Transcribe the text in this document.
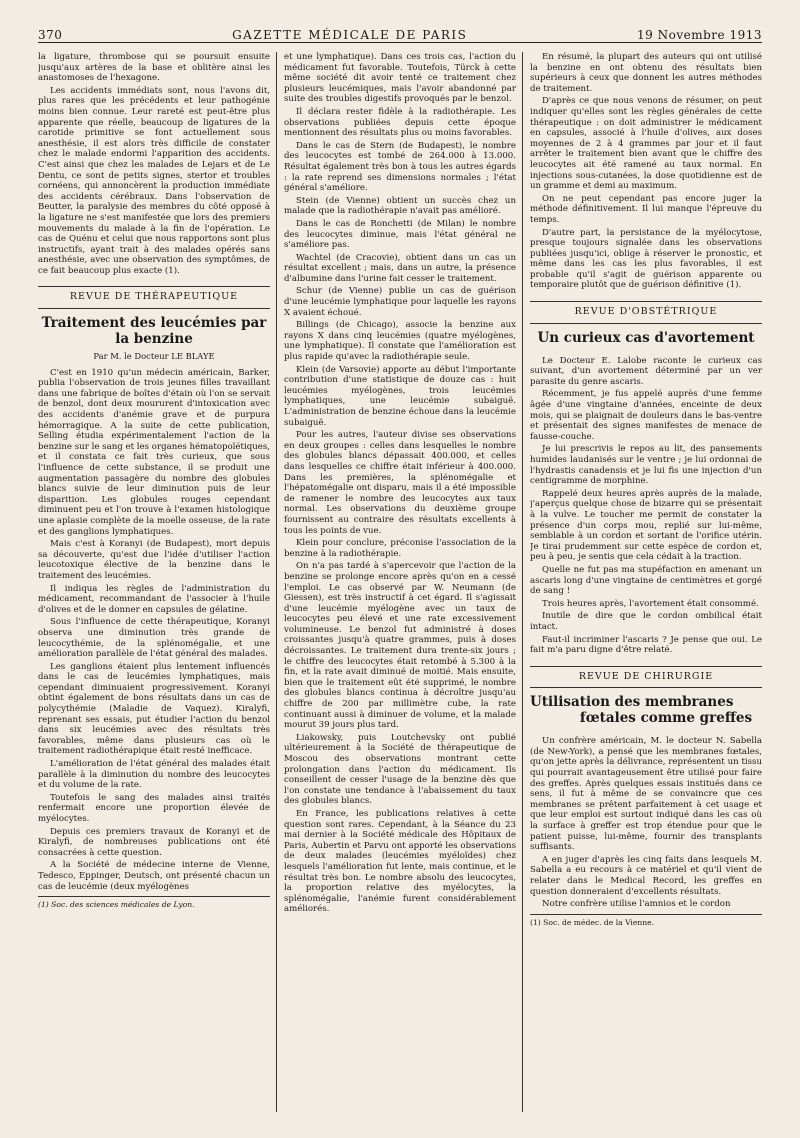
370	GAZETTE MÉDICALE DE PARIS	19 Novembre 1913

la ligature, thrombose qui se poursuit ensuite jusqu'aux artères de la base et oblitère ainsi les anastomoses de l'hexagone.

Les accidents immédiats sont, nous l'avons dit, plus rares que les précédents et leur pathogénie moins bien connue. Leur rareté est peut-être plus apparente que réelle, beaucoup de ligatures de la carotide primitive se font actuellement sous anesthésie, il est alors très difficile de constater chez le malade endormi l'apparition des accidents. C'est ainsi que chez les malades de Lejars et de Le Dentu, ce sont de petits signes, stertor et troubles cornéens, qui annoncèrent la production immédiate des accidents cérébraux. Dans l'observation de Beutter, la paralysie des membres du côté opposé à la ligature ne s'est manifestée que lors des premiers mouvements du malade à la fin de l'opération. Le cas de Quénu et celui que nous rapportons sont plus instructifs, ayant trait à des malades opérés sans anesthésie, avec une observation des symptômes, de ce fait beaucoup plus exacte (1).

REVUE DE THÉRAPEUTIQUE
Traitement des leucémies par la benzine
Par M. le Docteur LE BLAYE

C'est en 1910 qu'un médecin américain, Barker, publia l'observation de trois jeunes filles travaillant dans une fabrique de boîtes d'étain où l'on se servait de benzol, dont deux moururent d'intoxication avec des accidents d'anémie grave et de purpura hémorragique. A la suite de cette publication, Selling étudia expérimentalement l'action de la benzine sur le sang et les organes hématopoïétiques, et il constata ce fait très curieux, que sous l'influence de cette substance, il se produit une augmentation passagère du nombre des globules blancs suivie de leur diminution puis de leur disparition. Les globules rouges cependant diminuent peu et l'on trouve à l'examen histologique une aplasie complète de la moelle osseuse, de la rate et des ganglions lymphatiques.

Mais c'est à Koranyi (de Budapest), mort depuis sa découverte, qu'est due l'idée d'utiliser l'action leucotoxique élective de la benzine dans le traitement des leucémies.

Il indiqua les règles de l'administration du médicament, recommandant de l'associer à l'huile d'olives et de le donner en capsules de gélatine.

Sous l'influence de cette thérapeutique, Koranyi observa une diminution très grande de leucocythémie, de la splénomégalie, et une amélioration parallèle de l'état général des malades.

Les ganglions étaient plus lentement influencés dans le cas de leucémies lymphatiques, mais cependant diminuaient progressivement. Koranyi obtint également de bons résultats dans un cas de polycythémie (Maladie de Vaquez). Kiralyfi, reprenant ses essais, put étudier l'action du benzol dans six leucémies avec des résultats très favorables, même dans plusieurs cas où le traitement radiothérapique était resté inefficace.

L'amélioration de l'état général des malades était parallèle à la diminution du nombre des leucocytes et du volume de la rate.

Toutefois le sang des malades ainsi traités renfermait encore une proportion élevée de myélocytes.

Depuis ces premiers travaux de Koranyi et de Kiralyfi, de nombreuses publications ont été consacrées à cette question.

A la Société de médecine interne de Vienne, Tedesco, Eppinger, Deutsch, ont présenté chacun un cas de leucémie (deux myélogènes

(1) Soc. des sciences médicales de Lyon.

et une lymphatique). Dans ces trois cas, l'action du médicament fut favorable. Toutefois, Türck à cette même société dit avoir tenté ce traitement chez plusieurs leucémiques, mais l'avoir abandonné par suite des troubles digestifs provoqués par le benzol.

Il déclara rester fidèle à la radiothérapie. Les observations publiées depuis cette époque mentionnent des résultats plus ou moins favorables.

Dans le cas de Stern (de Budapest), le nombre des leucocytes est tombé de 264.000 à 13.000. Résultat également très bon à tous les autres égards : la rate reprend ses dimensions normales ; l'état général s'améliore.

Stein (de Vienne) obtient un succès chez un malade que la radiothérapie n'avait pas amélioré.

Dans le cas de Ronchetti (de Milan) le nombre des leucocytes diminue, mais l'état général ne s'améliore pas.

Wachtel (de Cracovie), obtient dans un cas un résultat excellent ; mais, dans un autre, la présence d'albumine dans l'urine fait cesser le traitement.

Schur (de Vienne) publie un cas de guérison d'une leucémie lymphatique pour laquelle les rayons X avaient échoué.

Billings (de Chicago), associe la benzine aux rayons X dans cinq leucémies (quatre myélogènes, une lymphatique). Il constate que l'amélioration est plus rapide qu'avec la radiothérapie seule.

Klein (de Varsovie) apporte au début l'importante contribution d'une statistique de douze cas : huit leucémies myélogènes, trois leucémies lymphatiques, une leucémie subaiguë. L'administration de benzine échoue dans la leucémie subaiguë.

Pour les autres, l'auteur divise ses observations en deux groupes : celles dans lesquelles le nombre des globules blancs dépassait 400.000, et celles dans lesquelles ce chiffre était inférieur à 400.000. Dans les premières, la splénomégalie et l'hépatomégalie ont disparu, mais il a été impossible de ramener le nombre des leucocytes aux taux normal. Les observations du deuxième groupe fournissent au contraire des résultats excellents à tous les points de vue.

Klein pour conclure, préconise l'association de la benzine à la radiothérapie.

On n'a pas tardé à s'apercevoir que l'action de la benzine se prolonge encore après qu'on en a cessé l'emploi. Le cas observé par W. Neumann (de Giessen), est très instructif à cet égard. Il s'agissait d'une leucémie myélogène avec un taux de leucocytes peu élevé et une rate excessivement volumineuse. Le benzol fut administré à doses croissantes jusqu'à quatre grammes, puis à doses décroissantes. Le traitement dura trente-six jours ; le chiffre des leucocytes était retombé à 5.300 à la fin, et la rate avait diminué de moitié. Mais ensuite, bien que le traitement eût été supprimé, le nombre des globules blancs continua à décroître jusqu'au chiffre de 200 par millimètre cube, la rate continuant aussi à diminuer de volume, et la malade mourut 39 jours plus tard.

Liakowsky, puis Loutchevsky ont publié ultérieurement à la Société de thérapeutique de Moscou des observations montrant cette prolongation dans l'action du médicament. Ils conseillent de cesser l'usage de la benzine dès que l'on constate une tendance à l'abaissement du taux des globules blancs.

En France, les publications relatives à cette question sont rares. Cependant, à la Séance du 23 mai dernier à la Société médicale des Hôpitaux de Paris, Aubertin et Parvu ont apporté les observations de deux malades (leucémies myéloïdes) chez lesquels l'amélioration fut lente, mais continue, et le résultat très bon. Le nombre absolu des leucocytes, la proportion relative des myélocytes, la splénomégalie, l'anémie furent considérablement améliorés.

En résumé, la plupart des auteurs qui ont utilisé la benzine en ont obtenu des résultats bien supérieurs à ceux que donnent les autres méthodes de traitement.

D'après ce que nous venons de résumer, on peut indiquer qu'elles sont les règles générales de cette thérapeutique : on doit administrer le médicament en capsules, associé à l'huile d'olives, aux doses moyennes de 2 à 4 grammes par jour et il faut arrêter le traitement bien avant que le chiffre des leucocytes ait été ramené au taux normal. En injections sous-cutanées, la dose quotidienne est de un gramme et demi au maximum.

On ne peut cependant pas encore juger la méthode définitivement. Il lui manque l'épreuve du temps.

D'autre part, la persistance de la myélocytose, presque toujours signalée dans les observations publiées jusqu'ici, oblige à réserver le pronostic, et même dans les cas les plus favorables, il est probable qu'il s'agit de guérison apparente ou temporaire plutôt que de guérison définitive (1).

REVUE D'OBSTÉTRIQUE
Un curieux cas d'avortement

Le Docteur E. Lalobe raconte le curieux cas suivant, d'un avortement déterminé par un ver parasite du genre ascaris.

Récemment, je fus appelé auprès d'une femme âgée d'une vingtaine d'années, enceinte de deux mois, qui se plaignait de douleurs dans le bas-ventre et présentait des signes manifestes de menace de fausse-couche.

Je lui prescrivis le repos au lit, des pansements humides laudanisés sur le ventre ; je lui ordonnai de l'hydrastis canadensis et je lui fis une injection d'un centigramme de morphine.

Rappelé deux heures après auprès de la malade, j'aperçus quelque chose de bizarre qui se présentait à la vulve. Le toucher me permit de constater la présence d'un corps mou, replié sur lui-même, semblable à un cordon et sortant de l'orifice utérin. Je tirai prudemment sur cette espèce de cordon et, peu à peu, je sentis que cela cédait à la traction.

Quelle ne fut pas ma stupéfaction en amenant un ascaris long d'une vingtaine de centimètres et gorgé de sang !

Trois heures après, l'avortement était consommé.

Inutile de dire que le cordon ombilical était intact.

Faut-il incriminer l'ascaris ? Je pense que oui. Le fait m'a paru digne d'être relaté.

REVUE DE CHIRURGIE
Utilisation des membranes
fœtales comme greffes

Un confrère américain, M. le docteur N. Sabella (de New-York), a pensé que les membranes fœtales, qu'on jette après la délivrance, représentent un tissu qui pourrait avantageusement être utilisé pour faire des greffes. Après quelques essais institués dans ce sens, il fut à même de se convaincre que ces membranes se prêtent parfaitement à cet usage et que leur emploi est surtout indiqué dans les cas où la surface à greffer est trop étendue pour que le patient puisse, lui-même, fournir des transplants suffisants.

A en juger d'après les cinq faits dans lesquels M. Sabella a eu recours à ce matériel et qu'il vient de relater dans le Medical Record, les greffes en question donneraient d'excellents résultats.

Notre confrère utilise l'amnios et le cordon

(1) Soc. de médec. de la Vienne.
